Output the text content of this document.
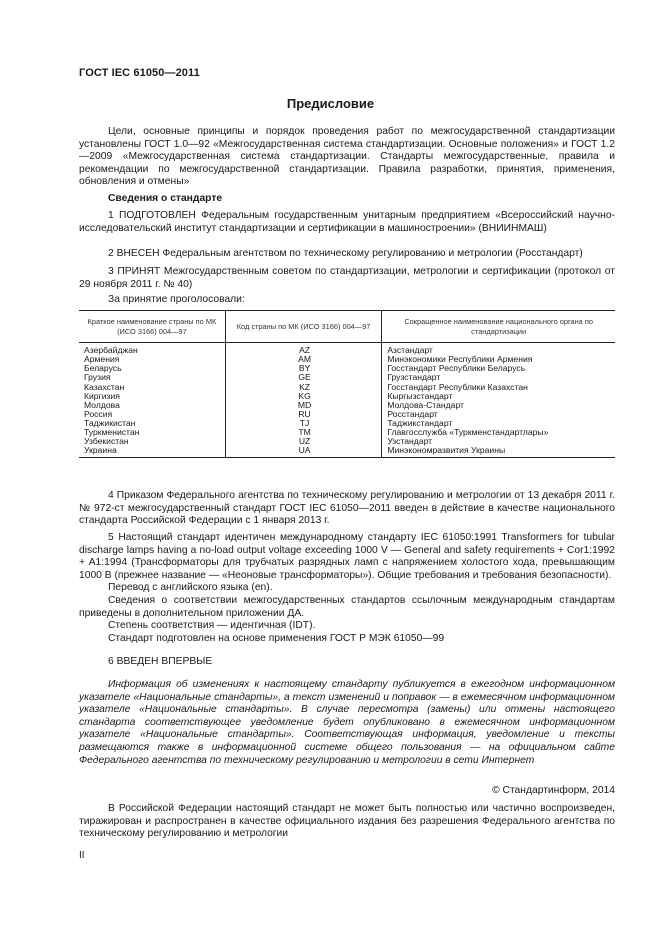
ГОСТ IEC 61050—2011
Предисловие

Цели, основные принципы и порядок проведения работ по межгосударственной стандартизации установлены ГОСТ 1.0—92 «Межгосударственная система стандартизации. Основные положения» и ГОСТ 1.2—2009 «Межгосударственная система стандартизации. Стандарты межгосударственные, правила и рекомендации по межгосударственной стандартизации. Правила разработки, принятия, применения, обновления и отмены»

Сведения о стандарте

1 ПОДГОТОВЛЕН Федеральным государственным унитарным предприятием «Всероссийский научно-исследовательский институт стандартизации и сертификации в машиностроении» (ВНИИНМАШ)

2 ВНЕСЕН Федеральным агентством по техническому регулированию и метрологии (Росстандарт)

3 ПРИНЯТ Межгосударственным советом по стандартизации, метрологии и сертификации (протокол от 29 ноября 2011 г. № 40)

За принятие проголосовали:

Краткое наименование страны по МК (ИСО 3166) 004—97	Код страны по МК (ИСО 3166) 004—97	Сокращенное наименование национального органа по стандартизации
Азербайджан	AZ	Азстандарт
Армения	AM	Минэкономики Республики Армения
Беларусь	BY	Госстандарт Республики Беларусь
Грузия	GE	Грузстандарт
Казахстан	KZ	Госстандарт Республики Казахстан
Киргизия	KG	Кыргызстандарт
Молдова	MD	Молдова-Стандарт
Россия	RU	Росстандарт
Таджикистан	TJ	Таджикстандарт
Туркменистан	TM	Главгосслужба «Туркменстандартлары»
Узбекистан	UZ	Узстандарт
Украина	UA	Минэкономразвития Украины

4 Приказом Федерального агентства по техническому регулированию и метрологии от 13 декабря 2011 г. № 972-ст межгосударственный стандарт ГОСТ IEC 61050—2011 введен в действие в качестве национального стандарта Российской Федерации с 1 января 2013 г.

5 Настоящий стандарт идентичен международному стандарту IEC 61050:1991 Transformers for tubular discharge lamps having a no-load output voltage exceeding 1000 V — General and safety requirements + Cor1:1992 + A1:1994 (Трансформаторы для трубчатых разрядных ламп с напряжением холостого хода, превышающим 1000 В (прежнее название — «Неоновые трансформаторы»). Общие требования и требования безопасности).

Перевод с английского языка (en).

Сведения о соответствии межгосударственных стандартов ссылочным международным стандартам приведены в дополнительном приложении ДА.

Степень соответствия — идентичная (IDT).

Стандарт подготовлен на основе применения ГОСТ Р МЭК 61050—99

6 ВВЕДЕН ВПЕРВЫЕ

Информация об изменениях к настоящему стандарту публикуется в ежегодном информационном указателе «Национальные стандарты», а текст изменений и поправок — в ежемесячном информационном указателе «Национальные стандарты». В случае пересмотра (замены) или отмены настоящего стандарта соответствующее уведомление будет опубликовано в ежемесячном информационном указателе «Национальные стандарты». Соответствующая информация, уведомление и тексты размещаются также в информационной системе общего пользования — на официальном сайте Федерального агентства по техническому регулированию и метрологии в сети Интернет

© Стандартинформ, 2014

В Российской Федерации настоящий стандарт не может быть полностью или частично воспроизведен, тиражирован и распространен в качестве официального издания без разрешения Федерального агентства по техническому регулированию и метрологии

II
